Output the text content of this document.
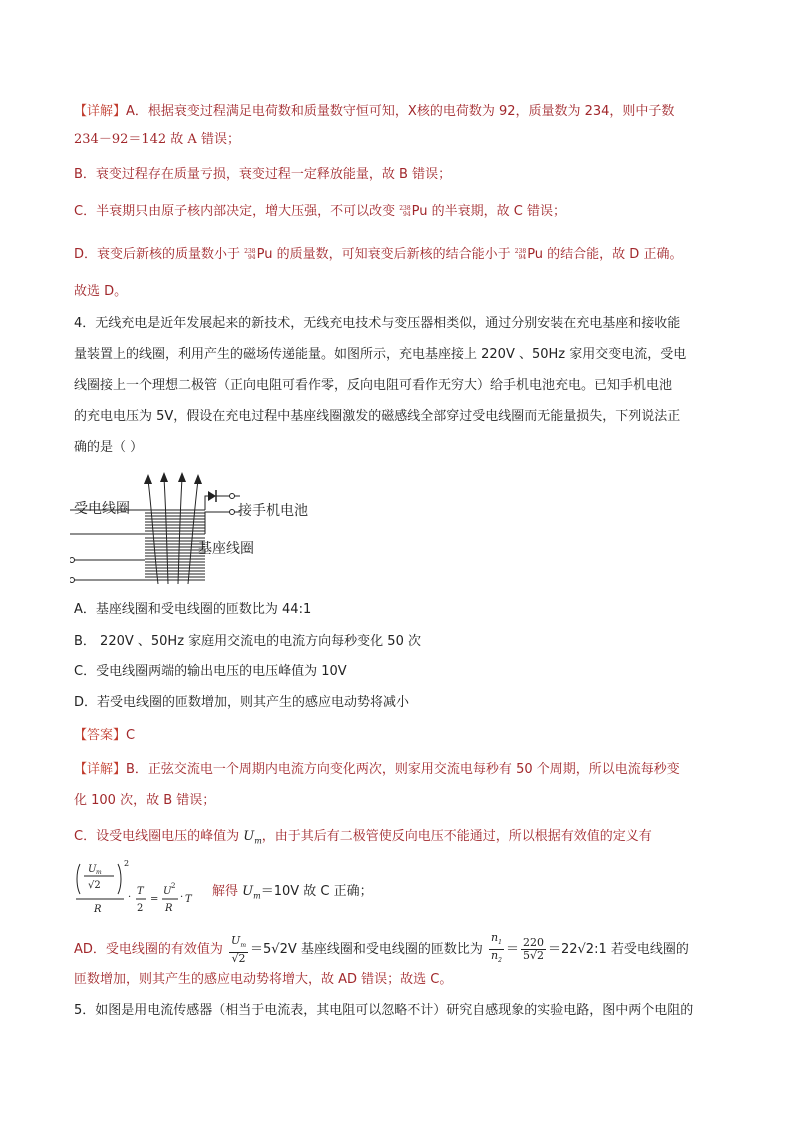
【详解】A．根据衰变过程满足电荷数和质量数守恒可知，X核的电荷数为 92，质量数为 234，则中子数
234－92＝142 故 A 错误；
B．衰变过程存在质量亏损，衰变过程一定释放能量，故 B 错误；
C．半衰期只由原子核内部决定，增大压强，不可以改变 238
94Pu 的半衰期，故 C 错误；
D．衰变后新核的质量数小于 238
94Pu 的质量数，可知衰变后新核的结合能小于 238
94Pu 的结合能，故 D 正确。
故选 D。
4．无线充电是近年发展起来的新技术，无线充电技术与变压器相类似，通过分别安装在充电基座和接收能
量装置上的线圈，利用产生的磁场传递能量。如图所示，充电基座接上 220V 、50Hz 家用交变电流，受电
线圈接上一个理想二极管（正向电阻可看作零，反向电阻可看作无穷大）给手机电池充电。已知手机电池
的充电电压为 5V，假设在充电过程中基座线圈激发的磁感线全部穿过受电线圈而无能量损失，下列说法正
确的是（ ）
受电线圈	接手机电池
基座线圈
A．基座线圈和受电线圈的匝数比为 44:1
B． 220V 、50Hz 家庭用交流电的电流方向每秒变化 50 次
C．受电线圈两端的输出电压的电压峰值为 10V
D．若受电线圈的匝数增加，则其产生的感应电动势将减小
【答案】C
【详解】B．正弦交流电一个周期内电流方向变化两次，则家用交流电每秒有 50 个周期，所以电流每秒变
化 100 次，故 B 错误；
C．设受电线圈电压的峰值为 $U_m$，由于其后有二极管使反向电压不能通过，所以根据有效值的定义有
U m
√2
2
R
·
T
2
=
U 2
R
· T
解得 $U_m=10V$ 故 C 正确；
AD．受电线圈的有效值为 $\frac{U_m}{√2} =5√2V$ 基座线圈和受电线圈的匝数比为 $\frac{n_1}{n_2} = \frac{220}{5√2}$ ＝22√2:1 若受电线圈的
匝数增加，则其产生的感应电动势将增大，故 AD 错误；故选 C。
5．如图是用电流传感器（相当于电流表，其电阻可以忽略不计）研究自感现象的实验电路，图中两个电阻的
